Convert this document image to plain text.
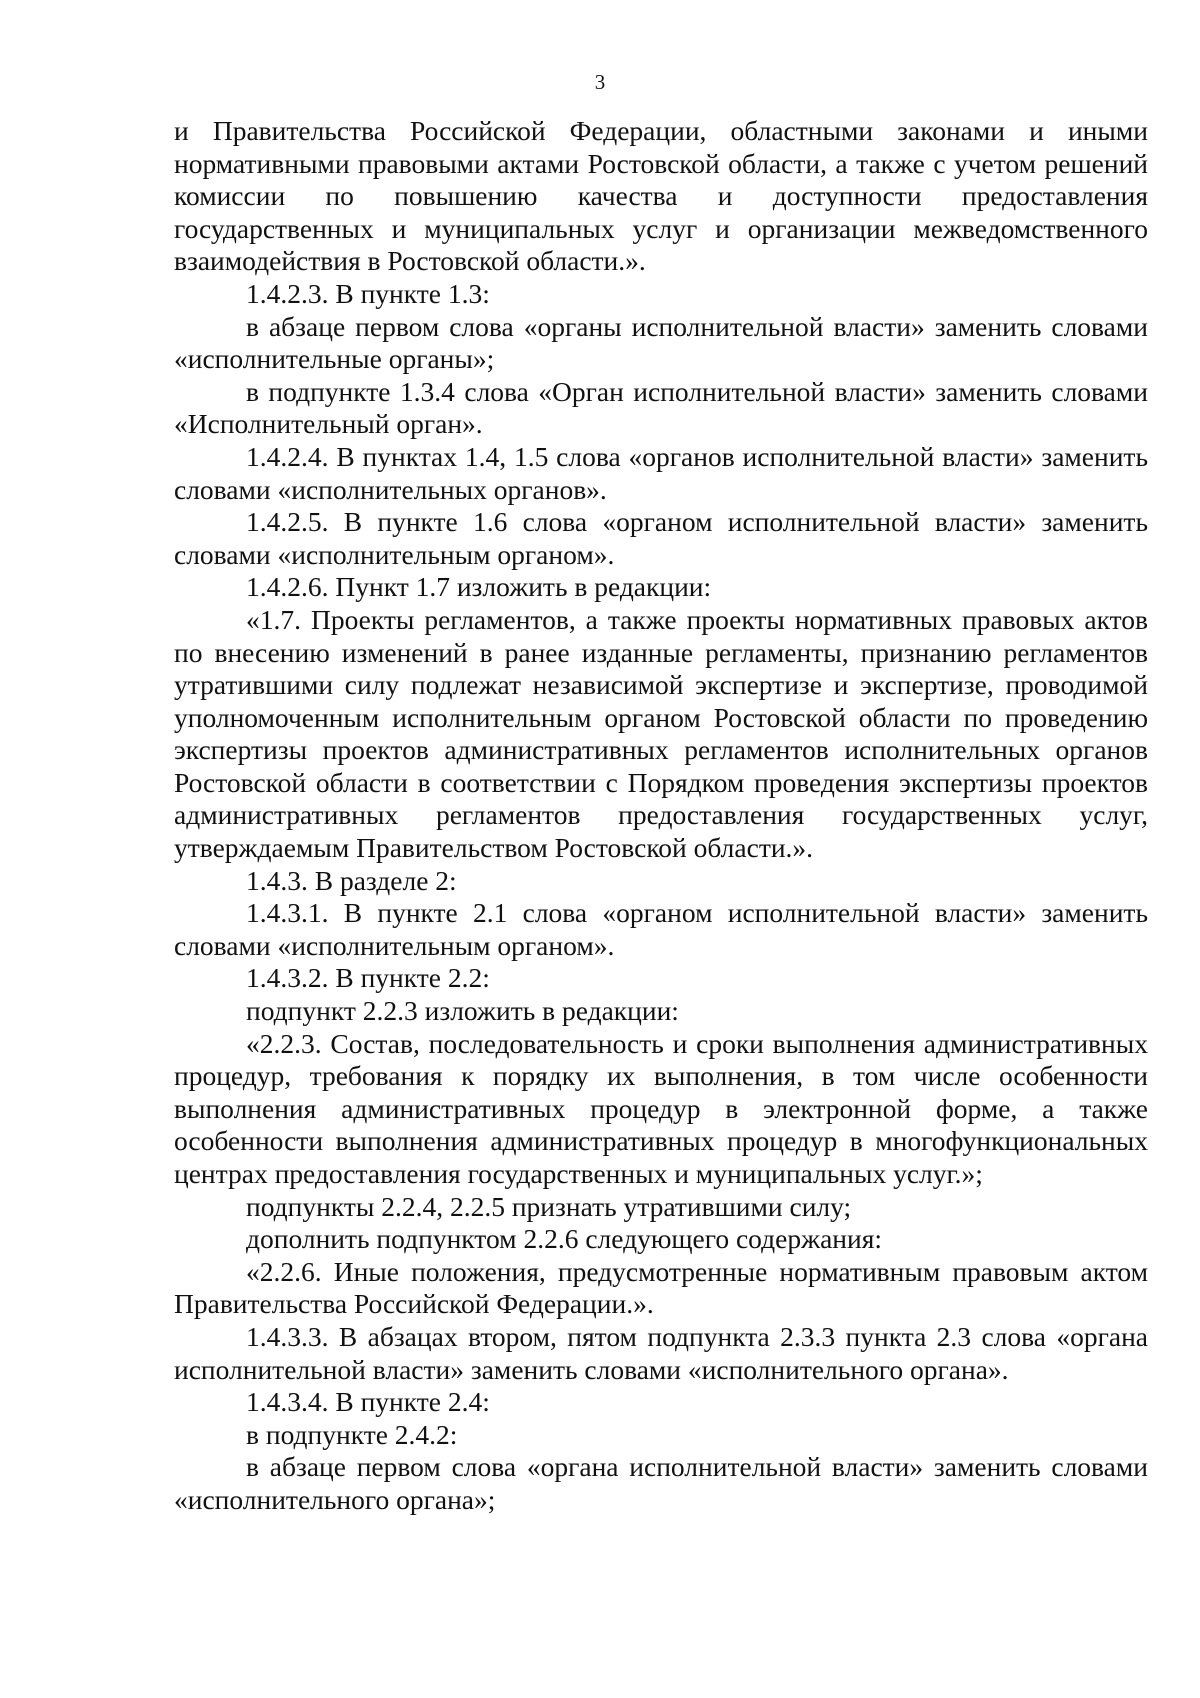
3

и Правительства Российской Федерации, областными законами и иными нормативными правовыми актами Ростовской области, а также с учетом решений комиссии по повышению качества и доступности предоставления государственных и муниципальных услуг и организации межведомственного взаимодействия в Ростовской области.».

1.4.2.3. В пункте 1.3:

в абзаце первом слова «органы исполнительной власти» заменить словами «исполнительные органы»;

в подпункте 1.3.4 слова «Орган исполнительной власти» заменить словами «Исполнительный орган».

1.4.2.4. В пунктах 1.4, 1.5 слова «органов исполнительной власти» заменить словами «исполнительных органов».

1.4.2.5. В пункте 1.6 слова «органом исполнительной власти» заменить словами «исполнительным органом».

1.4.2.6. Пункт 1.7 изложить в редакции:

«1.7. Проекты регламентов, а также проекты нормативных правовых актов по внесению изменений в ранее изданные регламенты, признанию регламентов утратившими силу подлежат независимой экспертизе и экспертизе, проводимой уполномоченным исполнительным органом Ростовской области по проведению экспертизы проектов административных регламентов исполнительных органов Ростовской области в соответствии с Порядком проведения экспертизы проектов административных регламентов предоставления государственных услуг, утверждаемым Правительством Ростовской области.».

1.4.3. В разделе 2:

1.4.3.1. В пункте 2.1 слова «органом исполнительной власти» заменить словами «исполнительным органом».

1.4.3.2. В пункте 2.2:

подпункт 2.2.3 изложить в редакции:

«2.2.3. Состав, последовательность и сроки выполнения административных процедур, требования к порядку их выполнения, в том числе особенности выполнения административных процедур в электронной форме, а также особенности выполнения административных процедур в многофункциональных центрах предоставления государственных и муниципальных услуг.»;

подпункты 2.2.4, 2.2.5 признать утратившими силу;

дополнить подпунктом 2.2.6 следующего содержания:

«2.2.6. Иные положения, предусмотренные нормативным правовым актом Правительства Российской Федерации.».

1.4.3.3. В абзацах втором, пятом подпункта 2.3.3 пункта 2.3 слова «органа исполнительной власти» заменить словами «исполнительного органа».

1.4.3.4. В пункте 2.4:

в подпункте 2.4.2:

в абзаце первом слова «органа исполнительной власти» заменить словами «исполнительного органа»;
